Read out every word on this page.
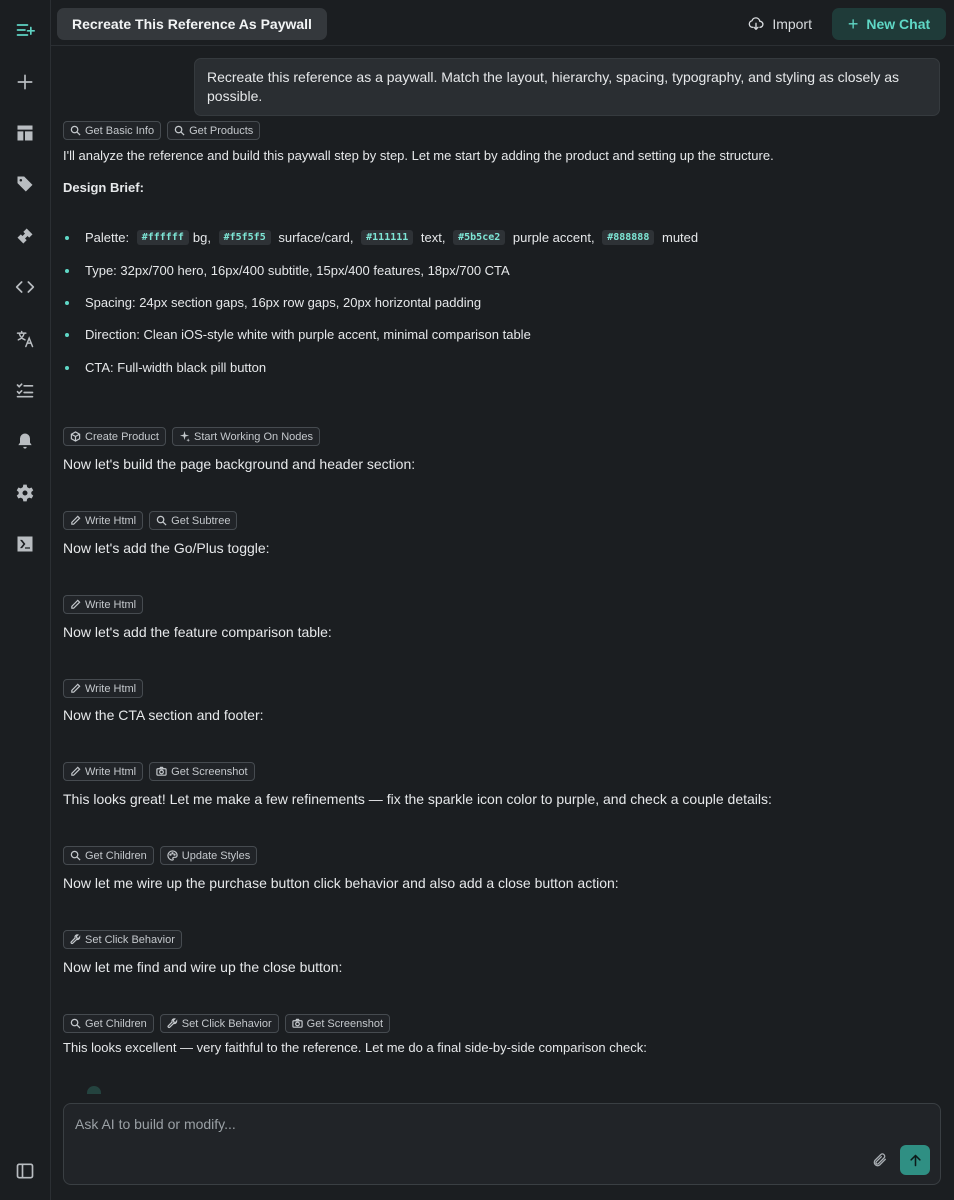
Recreate This Reference As Paywall	Import + New Chat
Recreate this reference as a paywall. Match the layout, hierarchy, spacing, typography, and styling as closely as possible.
Get Basic Info	Get Products
I'll analyze the reference and build this paywall step by step. Let me start by adding the product and setting up the structure.
Design Brief:
Palette:
	#ffffff bg,
	#f5f5f5
surface/card,
	#111111
text,
	#5b5ce2
purple accent,
	#888888
muted
Type: 32px/700 hero, 16px/400 subtitle, 15px/400 features, 18px/700 CTA
Spacing: 24px section gaps, 16px row gaps, 20px horizontal padding
Direction: Clean iOS-style white with purple accent, minimal comparison table
CTA: Full-width black pill button
Create Product	Start Working On Nodes
Now let's build the page background and header section:
Write Html	Get Subtree
Now let's add the Go/Plus toggle:
Write Html
Now let's add the feature comparison table:
Write Html
Now the CTA section and footer:
Write Html	Get Screenshot
This looks great! Let me make a few refinements — fix the sparkle icon color to purple, and check a couple details:
Get Children	Update Styles
Now let me wire up the purchase button click behavior and also add a close button action:
Set Click Behavior
Now let me find and wire up the close button:
Get Children	Set Click Behavior	Get Screenshot
This looks excellent — very faithful to the reference. Let me do a final side-by-side comparison check:
Ask AI to build or modify...
